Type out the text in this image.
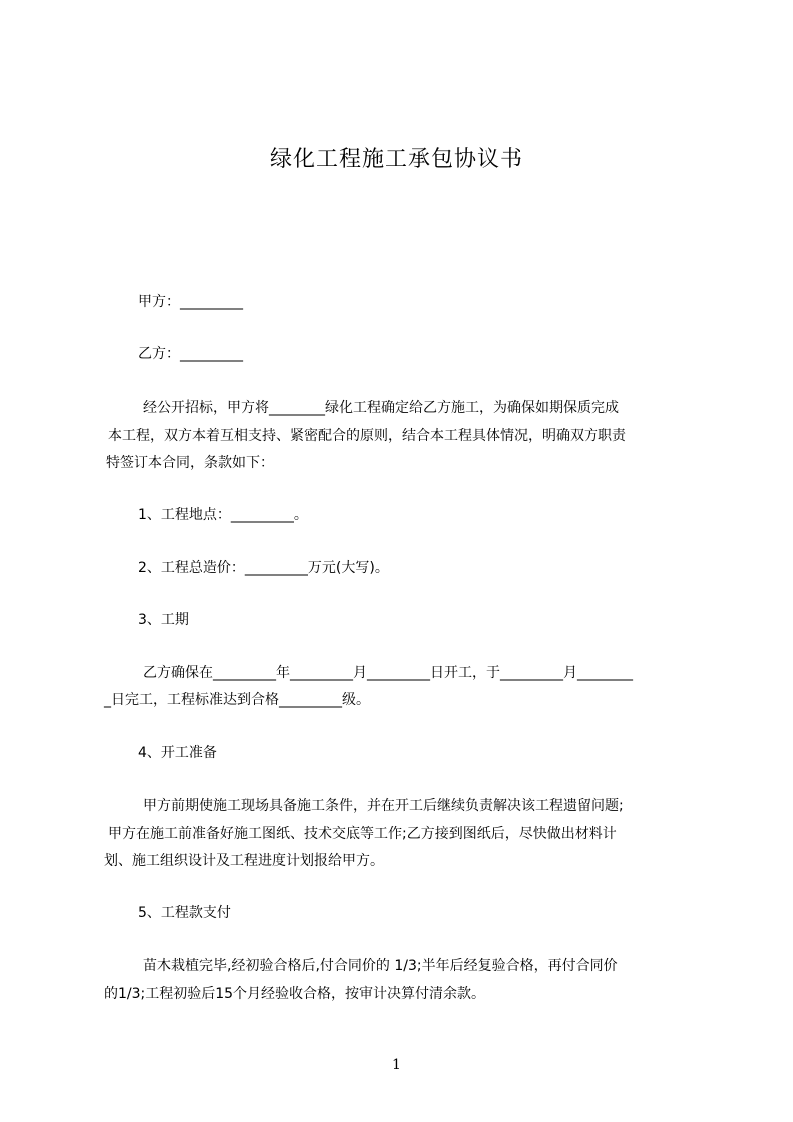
绿化工程施工承包协议书
甲方：_________
乙方：_________
经公开招标，甲方将________绿化工程确定给乙方施工，为确保如期保质完成
本工程，双方本着互相支持、紧密配合的原则，结合本工程具体情况，明确双方职责
特签订本合同，条款如下：
1、工程地点：_________。
2、工程总造价：_________万元(大写)。
3、工期
乙方确保在_________年_________月_________日开工，于_________月________
_日完工，工程标准达到合格_________级。
4、开工准备
甲方前期使施工现场具备施工条件，并在开工后继续负责解决该工程遗留问题;
甲方在施工前准备好施工图纸、技术交底等工作;乙方接到图纸后，尽快做出材料计
划、施工组织设计及工程进度计划报给甲方。
5、工程款支付
苗木栽植完毕,经初验合格后,付合同价的 1/3;半年后经复验合格，再付合同价
的1/3;工程初验后15个月经验收合格，按审计决算付清余款。
1
